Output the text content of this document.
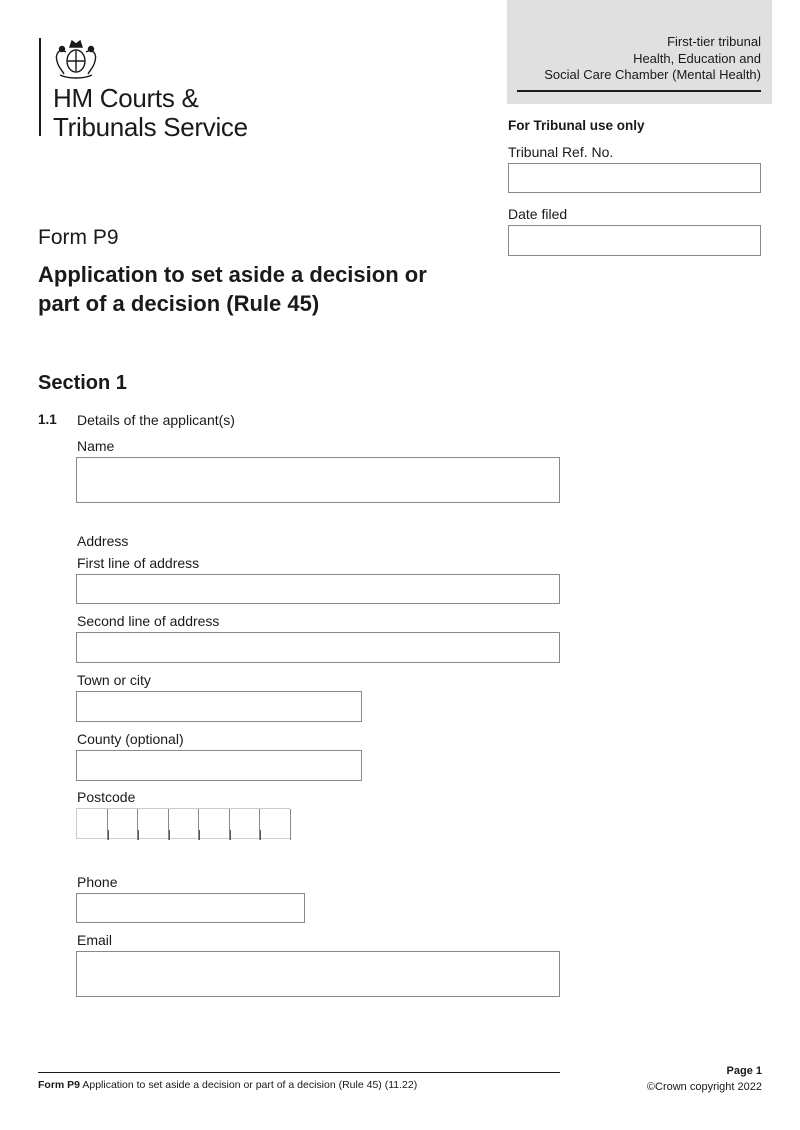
HM Courts &
Tribunals Service
First-tier tribunal
Health, Education and
Social Care Chamber (Mental Health)
For Tribunal use only
Tribunal Ref. No.
Date filed
Form P9
Application to set aside a decision or
part of a decision (Rule 45)
Section 1
1.1 Details of the applicant(s)
Name
Address
First line of address
Second line of address
Town or city
County (optional)
Postcode
Phone
Email
Form P9 Application to set aside a decision or part of a decision (Rule 45) (11.22)
Page 1
©Crown copyright 2022
